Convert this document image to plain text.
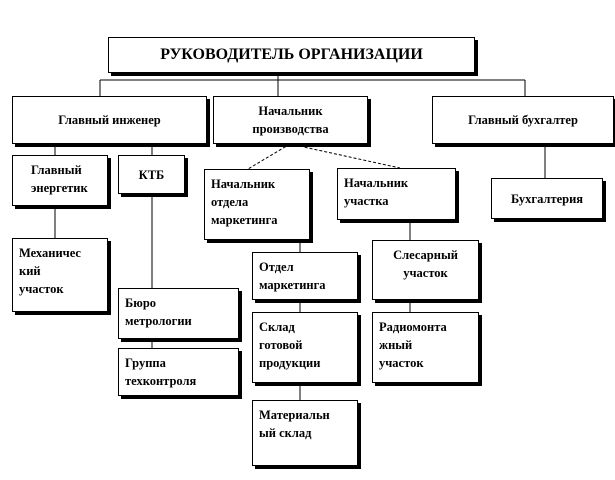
РУКОВОДИТЕЛЬ ОРГАНИЗАЦИИ
Главный инженер
Начальник
производства
Главный бухгалтер
Главный
энергетик
КТБ
Механичес
кий
участок
Бюро
метрологии
Группа
техконтроля
Начальник
отдела
маркетинга
Начальник
участка	Бухгалтерия
Отдел
маркетинга
Слесарный
участок
Склад
готовой
продукции
Радиомонта
жный
участок
Материальн
ый склад
